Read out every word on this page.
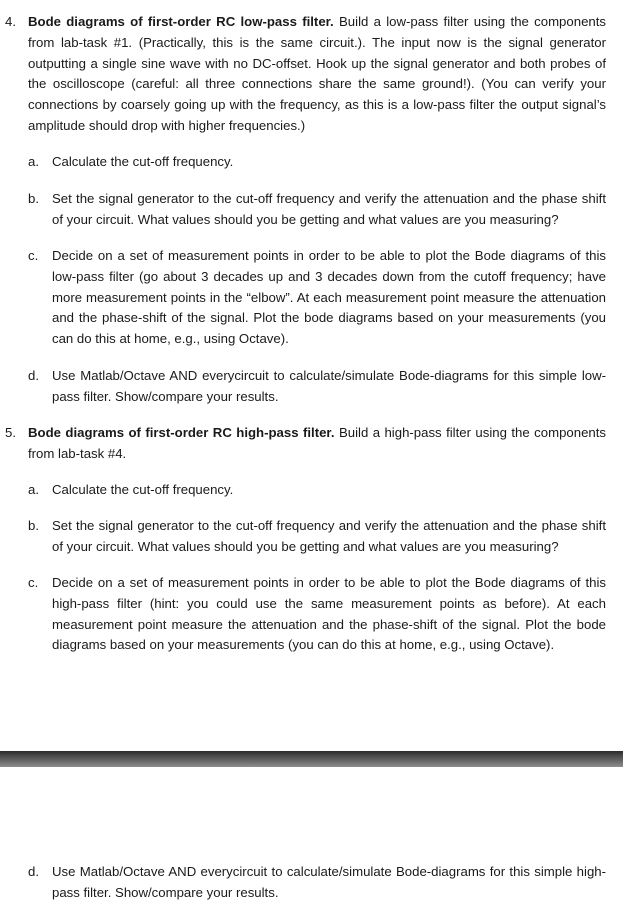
4. Bode diagrams of first-order RC low-pass filter. Build a low-pass filter using the components from lab-task #1. (Practically, this is the same circuit.). The input now is the signal generator outputting a single sine wave with no DC-offset. Hook up the signal generator and both probes of the oscilloscope (careful: all three connections share the same ground!). (You can verify your connections by coarsely going up with the frequency, as this is a low-pass filter the output signal’s amplitude should drop with higher frequencies.)
a. Calculate the cut-off frequency.
b. Set the signal generator to the cut-off frequency and verify the attenuation and the phase shift of your circuit. What values should you be getting and what values are you measuring?
c. Decide on a set of measurement points in order to be able to plot the Bode diagrams of this low-pass filter (go about 3 decades up and 3 decades down from the cutoff frequency; have more measurement points in the “elbow”. At each measurement point measure the attenuation and the phase-shift of the signal. Plot the bode diagrams based on your measurements (you can do this at home, e.g., using Octave).
d. Use Matlab/Octave AND everycircuit to calculate/simulate Bode-diagrams for this simple low-pass filter. Show/compare your results.
5. Bode diagrams of first-order RC high-pass filter. Build a high-pass filter using the components from lab-task #4.
a. Calculate the cut-off frequency.
b. Set the signal generator to the cut-off frequency and verify the attenuation and the phase shift of your circuit. What values should you be getting and what values are you measuring?
c. Decide on a set of measurement points in order to be able to plot the Bode diagrams of this high-pass filter (hint: you could use the same measurement points as before). At each measurement point measure the attenuation and the phase-shift of the signal. Plot the bode diagrams based on your measurements (you can do this at home, e.g., using Octave).
d. Use Matlab/Octave AND everycircuit to calculate/simulate Bode-diagrams for this simple high-pass filter. Show/compare your results.
